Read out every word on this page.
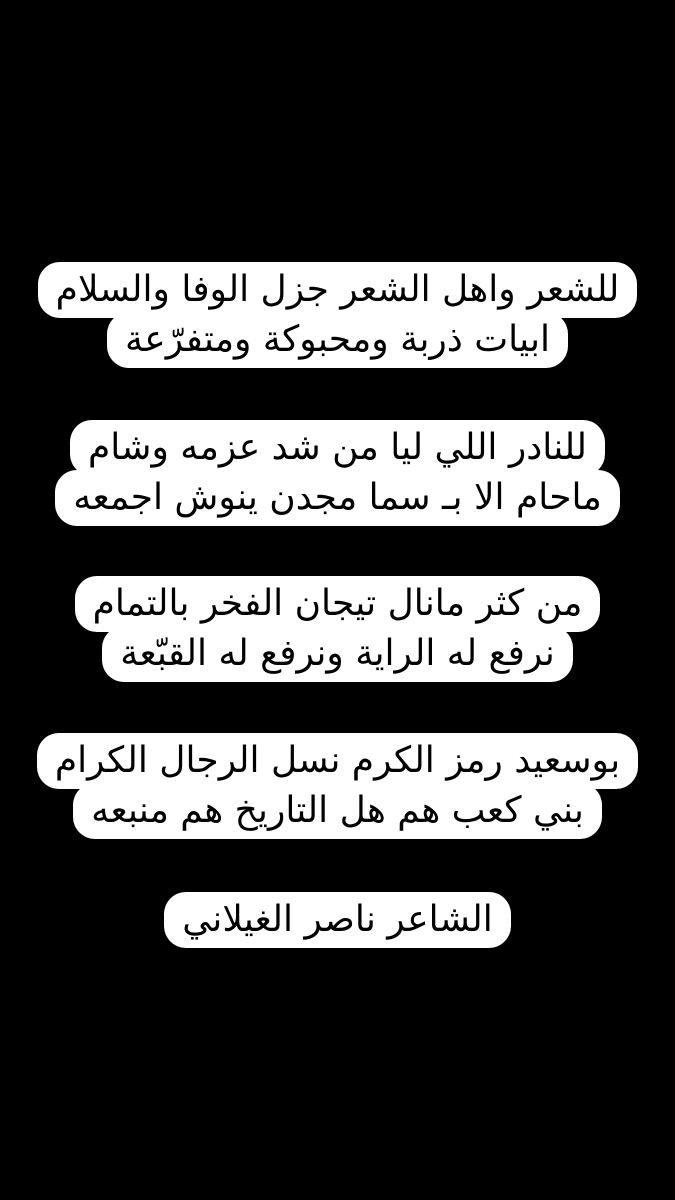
للشعر واهل الشعر جزل الوفا والسلام
ابيات ذربة ومحبوكة ومتفرّعة
للنادر اللي ليا من شد عزمه وشام
ماحام الا بـ سما مجدن ينوش اجمعه
من كثر مانال تيجان الفخر بالتمام
نرفع له الراية ونرفع له القبّعة
بوسعيد رمز الكرم نسل الرجال الكرام
بني كعب هم هل التاريخ هم منبعه
الشاعر ناصر الغيلاني
